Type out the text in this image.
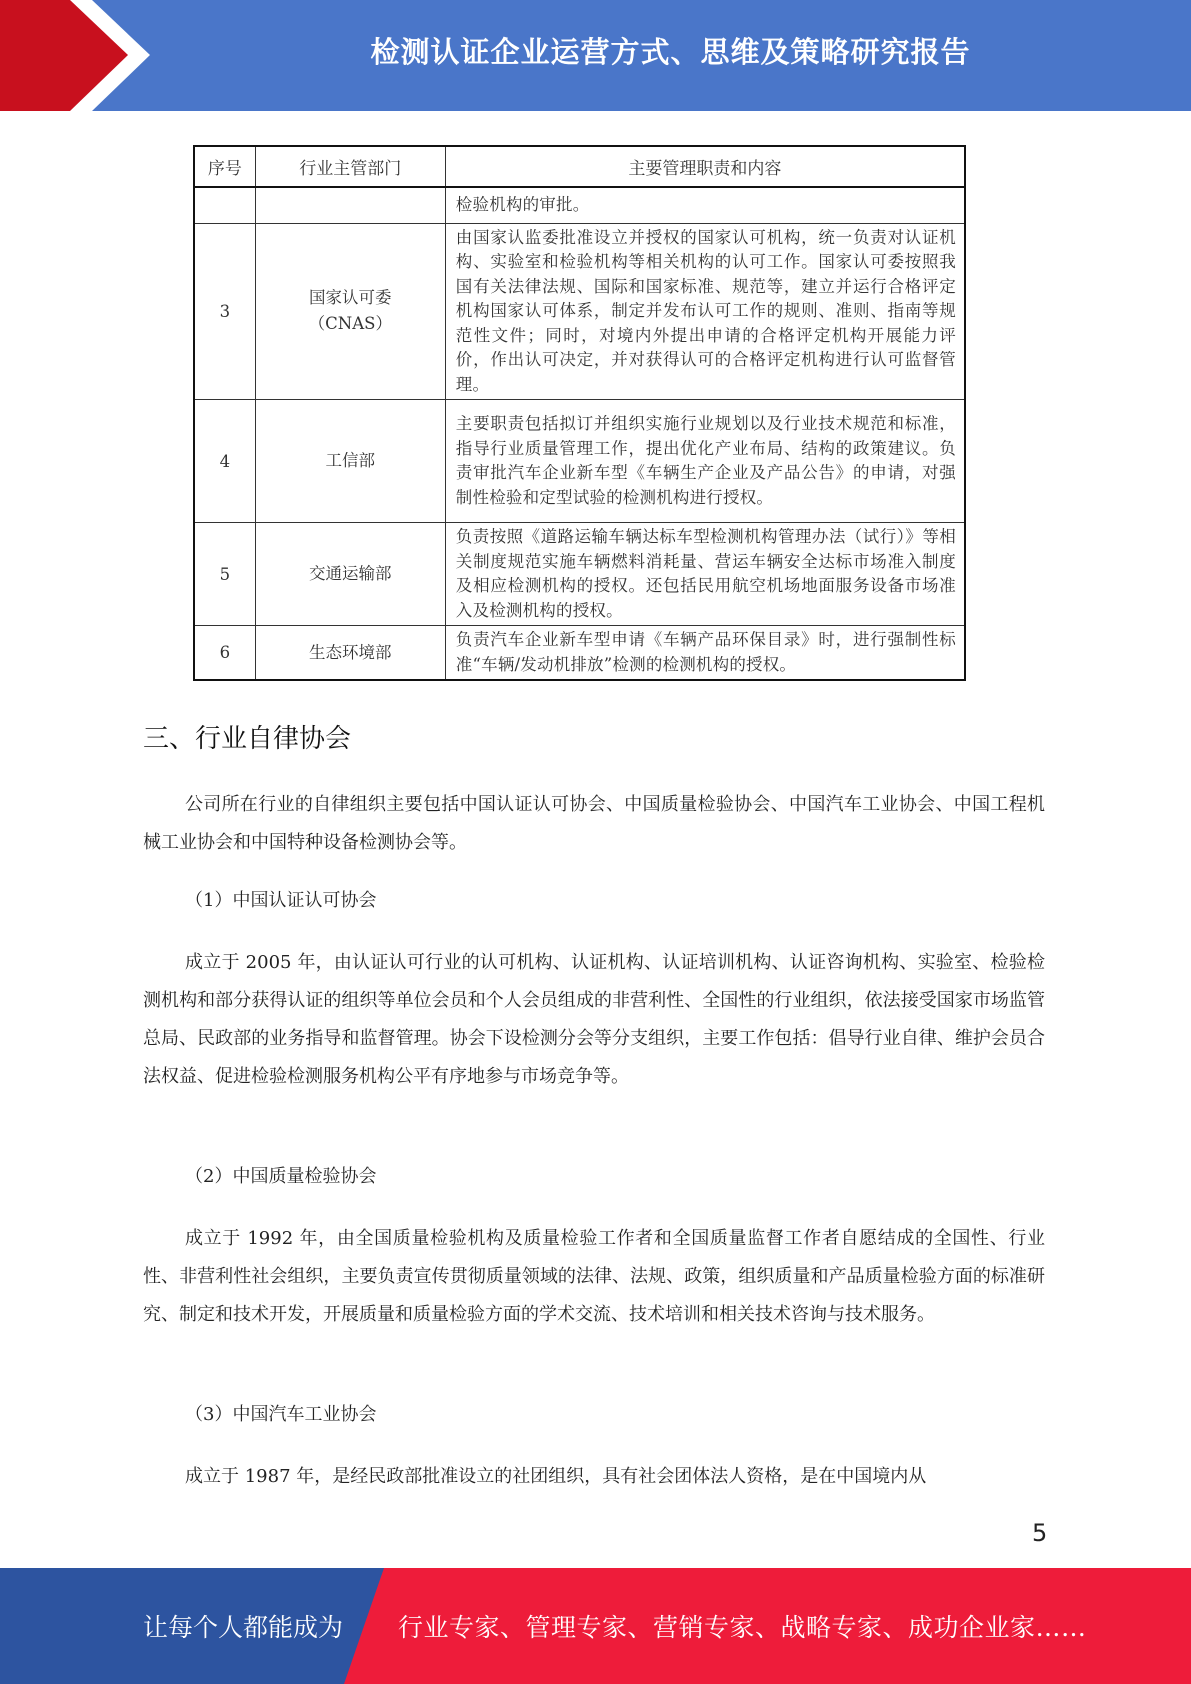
检测认证企业运营方式、思维及策略研究报告
序号	行业主管部门	主要管理职责和内容
		检验机构的审批。
3	国家认可委（CNAS）	由国家认监委批准设立并授权的国家认可机构，统一负责对认证机构、实验室和检验机构等相关机构的认可工作。国家认可委按照我国有关法律法规、国际和国家标准、规范等，建立并运行合格评定机构国家认可体系，制定并发布认可工作的规则、准则、指南等规范性文件；同时，对境内外提出申请的合格评定机构开展能力评价，作出认可决定，并对获得认可的合格评定机构进行认可监督管理。
4	工信部	主要职责包括拟订并组织实施行业规划以及行业技术规范和标准，指导行业质量管理工作，提出优化产业布局、结构的政策建议。负责审批汽车企业新车型《车辆生产企业及产品公告》的申请，对强制性检验和定型试验的检测机构进行授权。
5	交通运输部	负责按照《道路运输车辆达标车型检测机构管理办法（试行）》等相关制度规范实施车辆燃料消耗量、营运车辆安全达标市场准入制度及相应检测机构的授权。还包括民用航空机场地面服务设备市场准入及检测机构的授权。
6	生态环境部	负责汽车企业新车型申请《车辆产品环保目录》时，进行强制性标准“车辆/发动机排放”检测的检测机构的授权。
三、行业自律协会

公司所在行业的自律组织主要包括中国认证认可协会、中国质量检验协会、中国汽车工业协会、中国工程机械工业协会和中国特种设备检测协会等。

（1）中国认证认可协会

成立于 2005 年，由认证认可行业的认可机构、认证机构、认证培训机构、认证咨询机构、实验室、检验检测机构和部分获得认证的组织等单位会员和个人会员组成的非营利性、全国性的行业组织，依法接受国家市场监管总局、民政部的业务指导和监督管理。协会下设检测分会等分支组织，主要工作包括：倡导行业自律、维护会员合法权益、促进检验检测服务机构公平有序地参与市场竞争等。

（2）中国质量检验协会

成立于 1992 年，由全国质量检验机构及质量检验工作者和全国质量监督工作者自愿结成的全国性、行业性、非营利性社会组织，主要负责宣传贯彻质量领域的法律、法规、政策，组织质量和产品质量检验方面的标准研究、制定和技术开发，开展质量和质量检验方面的学术交流、技术培训和相关技术咨询与技术服务。

（3）中国汽车工业协会

成立于 1987 年，是经民政部批准设立的社团组织，具有社会团体法人资格，是在中国境内从

5
让每个人都能成为 行业专家、管理专家、营销专家、战略专家、成功企业家……
